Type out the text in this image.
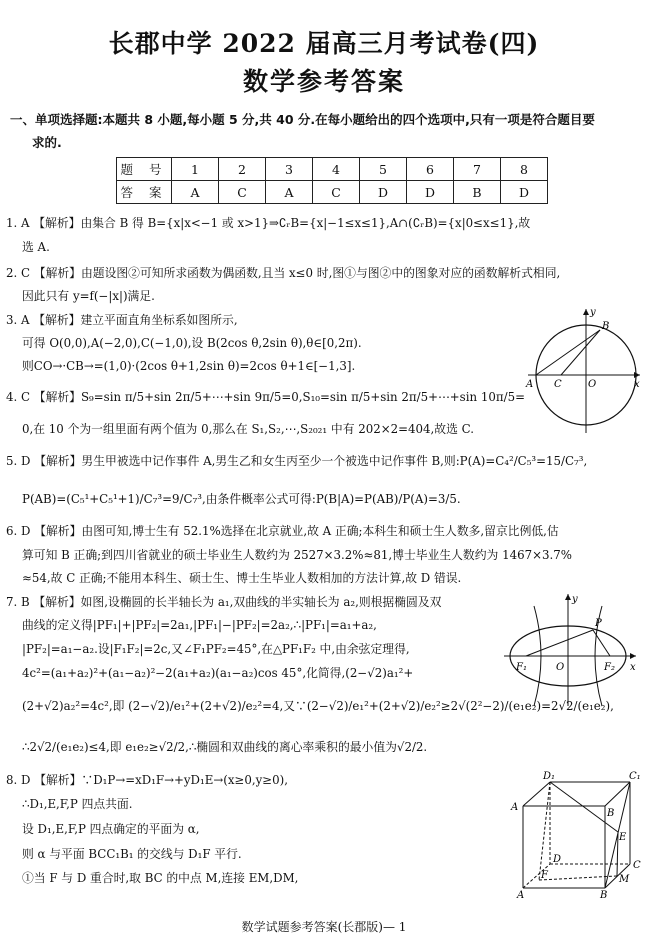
长郡中学 2022 届高三月考试卷(四)
数学参考答案
一、单项选择题:本题共 8 小题,每小题 5 分,共 40 分.在每小题给出的四个选项中,只有一项是符合题目要
求的.
题 号	1	2	3	4	5	6	7	8
答 案	A	C	A	C	D	D	B	D
1. A 【解析】由集合 B 得 B={x|x<−1 或 x>1}⇒∁ᵣB={x|−1≤x≤1},A∩(∁ᵣB)={x|0≤x≤1},故
选 A.
2. C 【解析】由题设图②可知所求函数为偶函数,且当 x≤0 时,图①与图②中的图象对应的函数解析式相同,
因此只有 y=f(−|x|)满足.
3. A 【解析】建立平面直角坐标系如图所示,
可得 O(0,0),A(−2,0),C(−1,0),设 B(2cos θ,2sin θ),θ∈[0,2π).
则CO→·CB→=(1,0)·(2cos θ+1,2sin θ)=2cos θ+1∈[−1,3].
4. C 【解析】S₉=sin π/5+sin 2π/5+⋯+sin 9π/5=0,S₁₀=sin π/5+sin 2π/5+⋯+sin 10π/5=
0,在 10 个为一组里面有两个值为 0,那么在 S₁,S₂,⋯,S₂₀₂₁ 中有 202×2=404,故选 C.
5. D 【解析】男生甲被选中记作事件 A,男生乙和女生丙至少一个被选中记作事件 B,则:P(A)=C₄²/C₅³=15/C₇³,
P(AB)=(C₅¹+C₅¹+1)/C₇³=9/C₇³,由条件概率公式可得:P(B|A)=P(AB)/P(A)=3/5.
6. D 【解析】由图可知,博士生有 52.1%选择在北京就业,故 A 正确;本科生和硕士生人数多,留京比例低,估
算可知 B 正确;到四川省就业的硕士毕业生人数约为 2527×3.2%≈81,博士毕业生人数约为 1467×3.7%
≈54,故 C 正确;不能用本科生、硕士生、博士生毕业人数相加的方法计算,故 D 错误.
7. B 【解析】如图,设椭圆的长半轴长为 a₁,双曲线的半实轴长为 a₂,则根据椭圆及双
曲线的定义得|PF₁|+|PF₂|=2a₁,|PF₁|−|PF₂|=2a₂,∴|PF₁|=a₁+a₂,
|PF₂|=a₁−a₂.设|F₁F₂|=2c,又∠F₁PF₂=45°,在△PF₁F₂ 中,由余弦定理得,
4c²=(a₁+a₂)²+(a₁−a₂)²−2(a₁+a₂)(a₁−a₂)cos 45°,化简得,(2−√2)a₁²+
(2+√2)a₂²=4c²,即 (2−√2)/e₁²+(2+√2)/e₂²=4,又∵(2−√2)/e₁²+(2+√2)/e₂²≥2√(2²−2)/(e₁e₂)=2√2/(e₁e₂),
∴2√2/(e₁e₂)≤4,即 e₁e₂≥√2/2,∴椭圆和双曲线的离心率乘积的最小值为√2/2.
8. D 【解析】∵D₁P→=xD₁F→+yD₁E→(x≥0,y≥0),
∴D₁,E,F,P 四点共面.
设 D₁,E,F,P 四点确定的平面为 α,
则 α 与平面 BCC₁B₁ 的交线与 D₁F 平行.
①当 F 与 D 重合时,取 BC 的中点 M,连接 EM,DM,
y
B
A C	O	x
y
P
F₁	O	F₂ x
D₁	C₁
A
B
E
D
C
A
F	M
B
数学试题参考答案(长郡版)— 1
